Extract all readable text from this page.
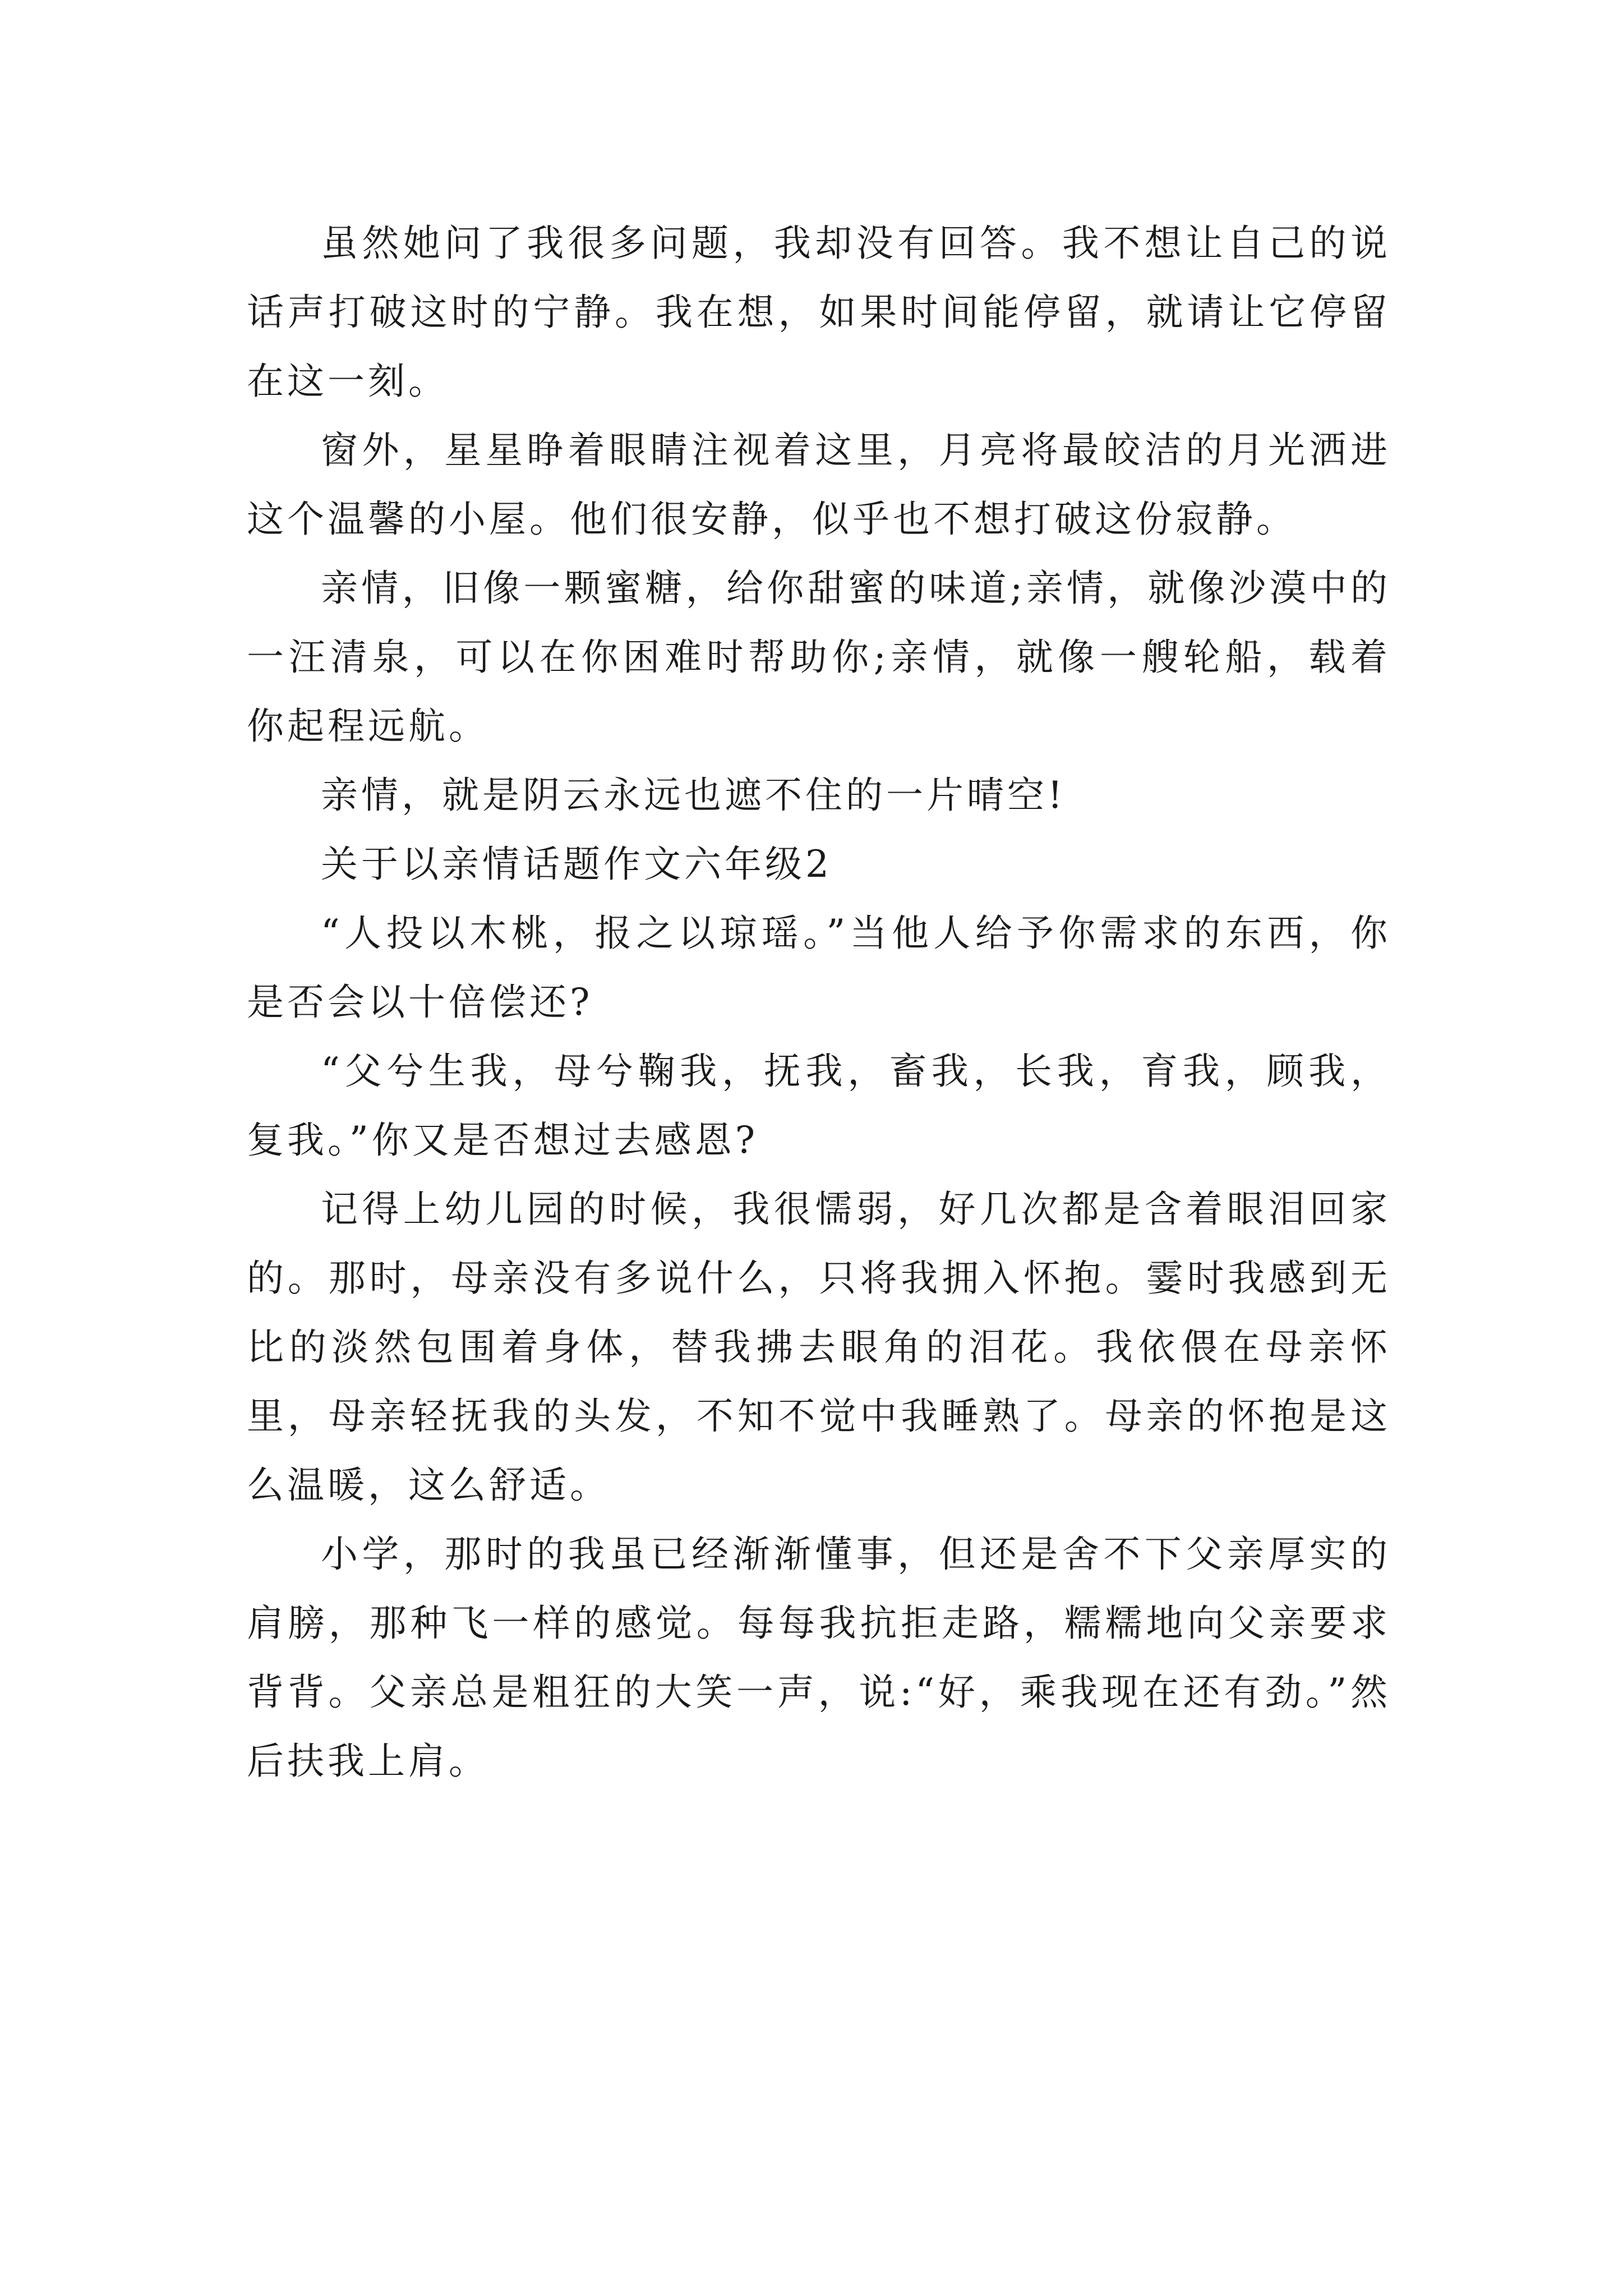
虽然她问了我很多问题，我却没有回答。我不想让自己的说话声打破这时的宁静。我在想，如果时间能停留，就请让它停留在这一刻。

窗外，星星睁着眼睛注视着这里，月亮将最皎洁的月光洒进这个温馨的小屋。他们很安静，似乎也不想打破这份寂静。

亲情，旧像一颗蜜糖，给你甜蜜的味道;亲情，就像沙漠中的一汪清泉，可以在你困难时帮助你;亲情，就像一艘轮船，载着你起程远航。

亲情，就是阴云永远也遮不住的一片晴空!

关于以亲情话题作文六年级2

“人投以木桃，报之以琼瑶。”当他人给予你需求的东西，你是否会以十倍偿还?

“父兮生我，母兮鞠我，抚我，畜我，长我，育我，顾我，复我。”你又是否想过去感恩?

记得上幼儿园的时候，我很懦弱，好几次都是含着眼泪回家的。那时，母亲没有多说什么，只将我拥入怀抱。霎时我感到无比的淡然包围着身体，替我拂去眼角的泪花。我依偎在母亲怀里，母亲轻抚我的头发，不知不觉中我睡熟了。母亲的怀抱是这么温暖，这么舒适。

小学，那时的我虽已经渐渐懂事，但还是舍不下父亲厚实的肩膀，那种飞一样的感觉。每每我抗拒走路，糯糯地向父亲要求背背。父亲总是粗狂的大笑一声，说:“好，乘我现在还有劲。”然后扶我上肩。
